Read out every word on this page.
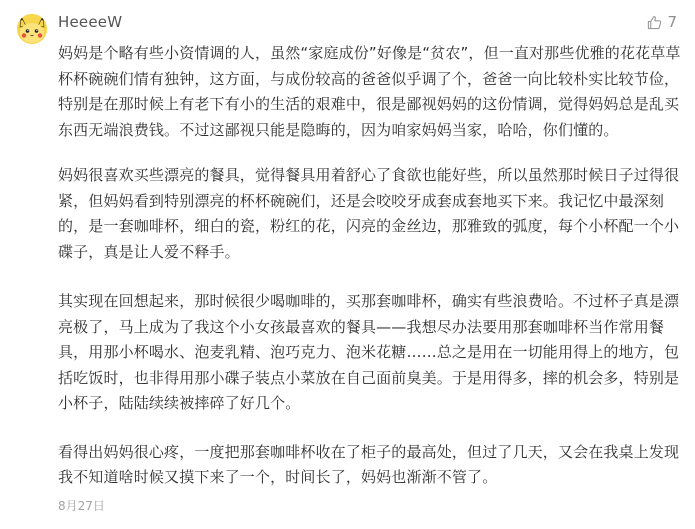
HeeeeW	7

妈妈是个略有些小资情调的人，虽然“家庭成份”好像是“贫农”，但一直对那些优雅的花花草草杯杯碗碗们情有独钟，这方面，与成份较高的爸爸似乎调了个，爸爸一向比较朴实比较节俭，特别是在那时候上有老下有小的生活的艰难中，很是鄙视妈妈的这份情调，觉得妈妈总是乱买东西无端浪费钱。不过这鄙视只能是隐晦的，因为咱家妈妈当家，哈哈，你们懂的。

妈妈很喜欢买些漂亮的餐具，觉得餐具用着舒心了食欲也能好些，所以虽然那时候日子过得很紧，但妈妈看到特别漂亮的杯杯碗碗们，还是会咬咬牙成套成套地买下来。我记忆中最深刻的，是一套咖啡杯，细白的瓷，粉红的花，闪亮的金丝边，那雅致的弧度，每个小杯配一个小碟子，真是让人爱不释手。

其实现在回想起来，那时候很少喝咖啡的，买那套咖啡杯，确实有些浪费哈。不过杯子真是漂亮极了，马上成为了我这个小女孩最喜欢的餐具——我想尽办法要用那套咖啡杯当作常用餐具，用那小杯喝水、泡麦乳精、泡巧克力、泡米花糖……总之是用在一切能用得上的地方，包括吃饭时，也非得用那小碟子装点小菜放在自己面前臭美。于是用得多，摔的机会多，特别是小杯子，陆陆续续被摔碎了好几个。

看得出妈妈很心疼，一度把那套咖啡杯收在了柜子的最高处，但过了几天，又会在我桌上发现我不知道啥时候又摸下来了一个，时间长了，妈妈也渐渐不管了。

8月27日
